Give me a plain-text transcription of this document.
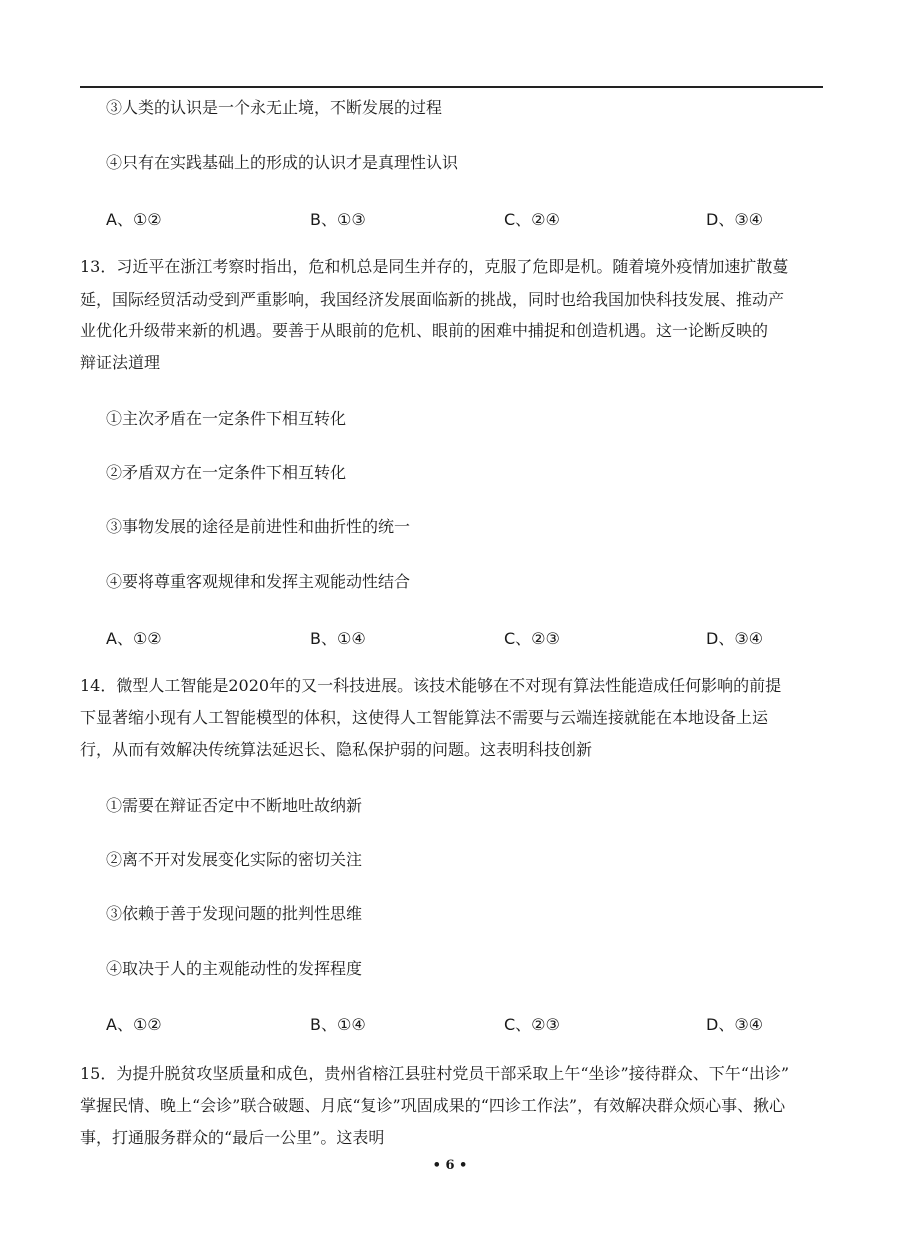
③人类的认识是一个永无止境，不断发展的过程
④只有在实践基础上的形成的认识才是真理性认识
A、①②	B、①③	C、②④	D、③④
13．习近平在浙江考察时指出，危和机总是同生并存的，克服了危即是机。随着境外疫情加速扩散蔓
延，国际经贸活动受到严重影响，我国经济发展面临新的挑战，同时也给我国加快科技发展、推动产
业优化升级带来新的机遇。要善于从眼前的危机、眼前的困难中捕捉和创造机遇。这一论断反映的
辩证法道理
①主次矛盾在一定条件下相互转化
②矛盾双方在一定条件下相互转化
③事物发展的途径是前进性和曲折性的统一
④要将尊重客观规律和发挥主观能动性结合
A、①②	B、①④	C、②③	D、③④
14．微型人工智能是2020年的又一科技进展。该技术能够在不对现有算法性能造成任何影响的前提
下显著缩小现有人工智能模型的体积，这使得人工智能算法不需要与云端连接就能在本地设备上运
行，从而有效解决传统算法延迟长、隐私保护弱的问题。这表明科技创新
①需要在辩证否定中不断地吐故纳新
②离不开对发展变化实际的密切关注
③依赖于善于发现问题的批判性思维
④取决于人的主观能动性的发挥程度
A、①②	B、①④	C、②③	D、③④
15．为提升脱贫攻坚质量和成色，贵州省榕江县驻村党员干部采取上午“坐诊”接待群众、下午“出诊”
掌握民情、晚上“会诊”联合破题、月底“复诊”巩固成果的“四诊工作法”，有效解决群众烦心事、揪心
事，打通服务群众的“最后一公里”。这表明
• 6 •
